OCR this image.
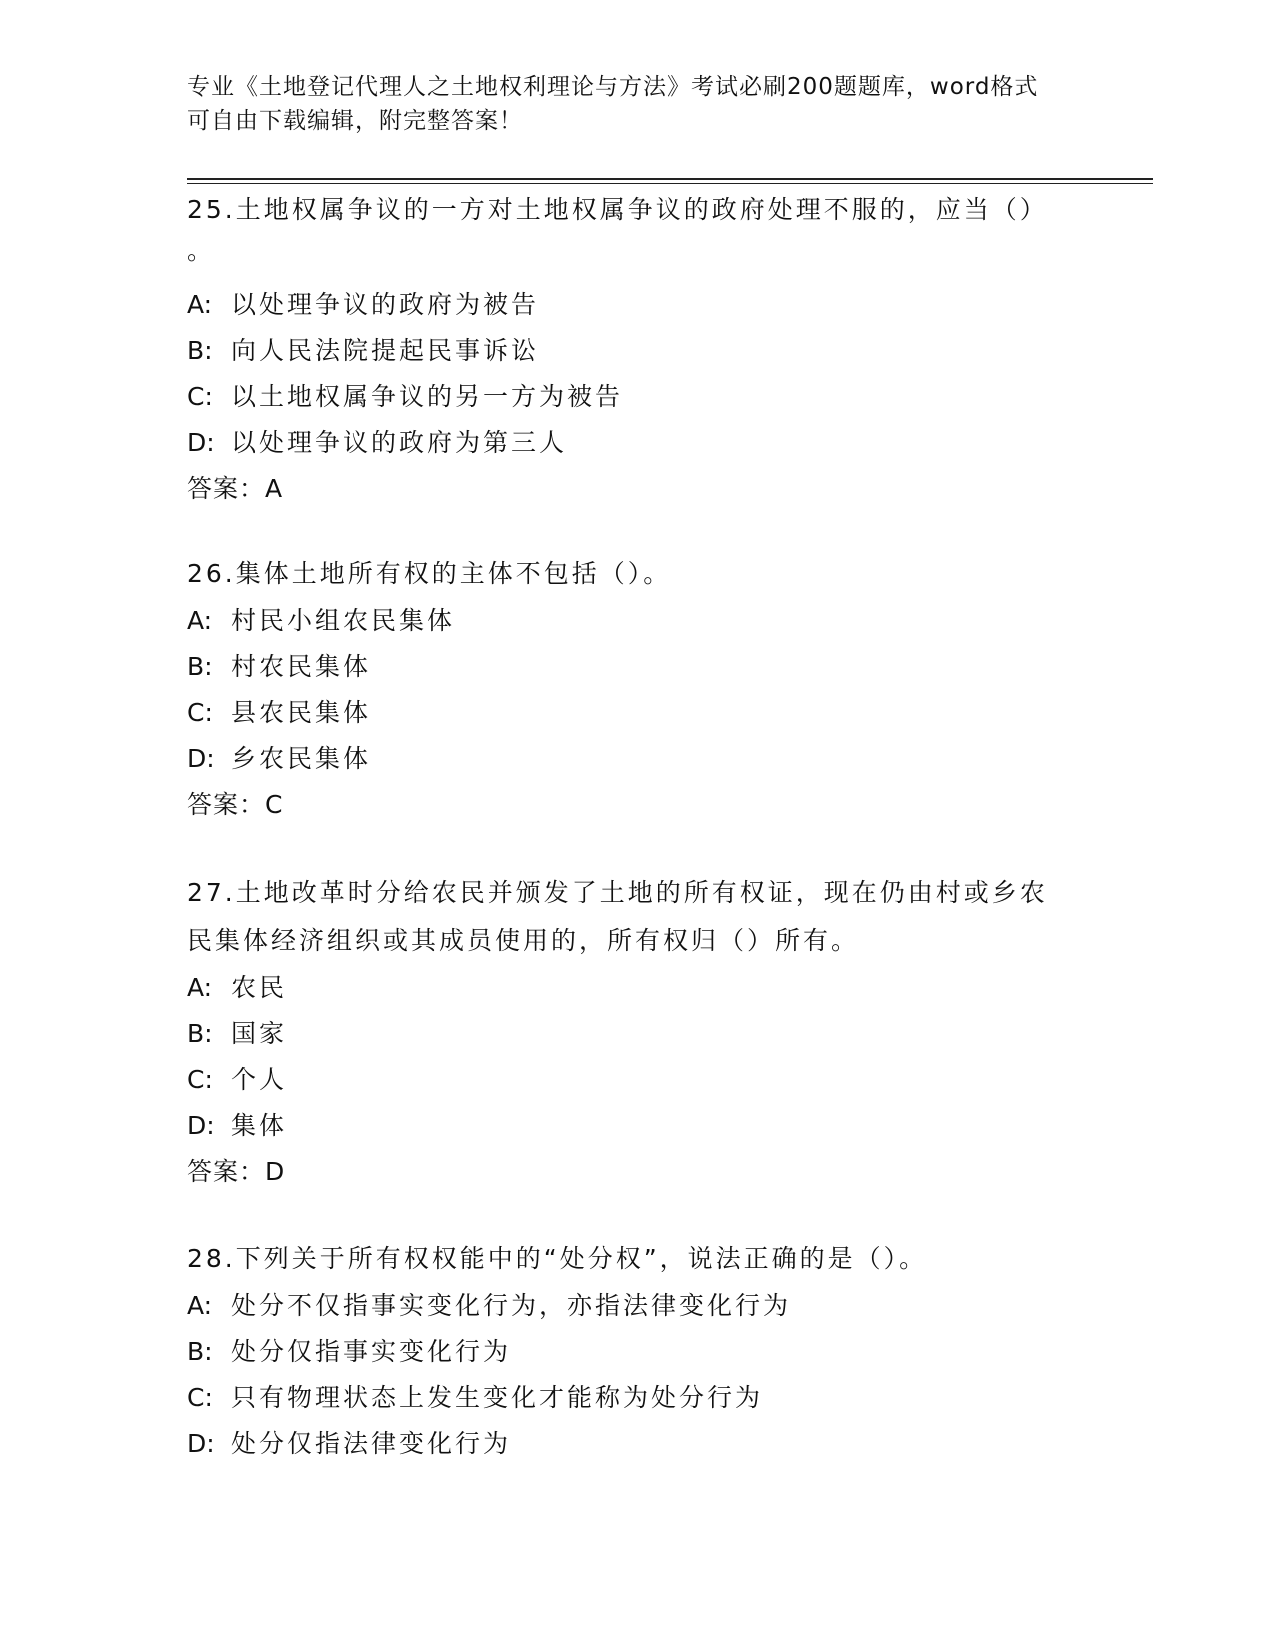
专业《土地登记代理人之土地权利理论与方法》考试必刷200题题库，word格式
可自由下载编辑，附完整答案！
25.土地权属争议的一方对土地权属争议的政府处理不服的，应当（）
。
A: 以处理争议的政府为被告
B: 向人民法院提起民事诉讼
C: 以土地权属争议的另一方为被告
D: 以处理争议的政府为第三人
答案：A
26.集体土地所有权的主体不包括（）。
A: 村民小组农民集体
B: 村农民集体
C: 县农民集体
D: 乡农民集体
答案：C
27.土地改革时分给农民并颁发了土地的所有权证，现在仍由村或乡农
民集体经济组织或其成员使用的，所有权归（）所有。
A: 农民
B: 国家
C: 个人
D: 集体
答案：D
28.下列关于所有权权能中的“处分权”，说法正确的是（）。
A: 处分不仅指事实变化行为，亦指法律变化行为
B: 处分仅指事实变化行为
C: 只有物理状态上发生变化才能称为处分行为
D: 处分仅指法律变化行为
